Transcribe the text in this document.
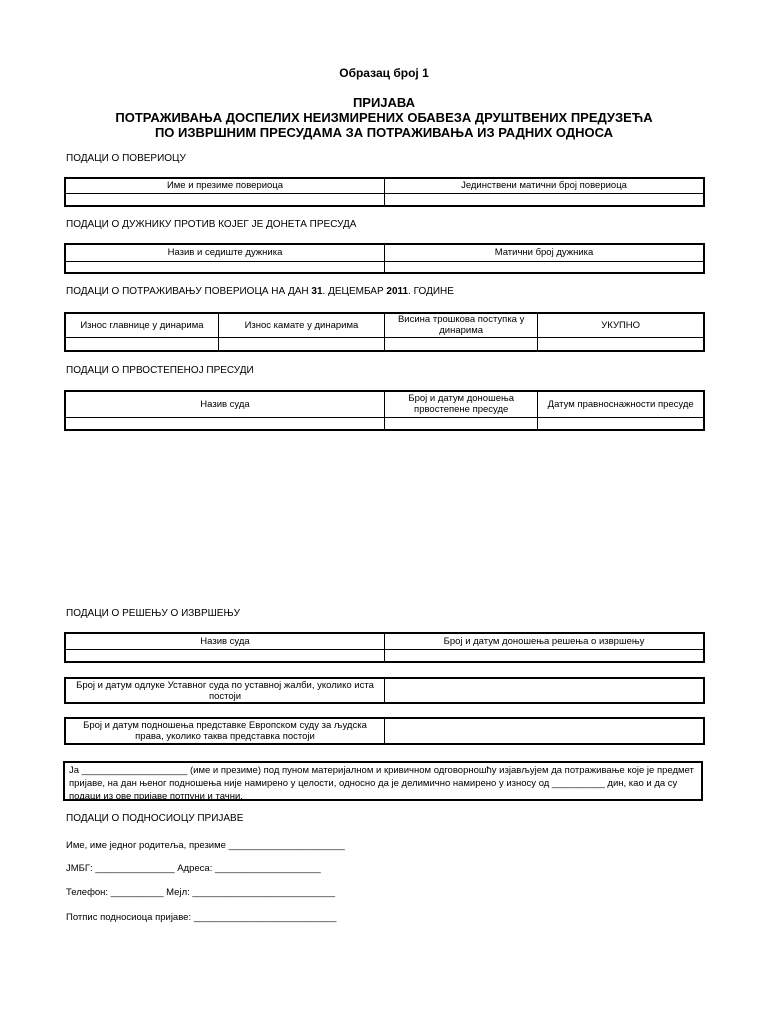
Образац број 1
ПРИЈАВА
ПОТРАЖИВАЊА ДОСПЕЛИХ НЕИЗМИРЕНИХ ОБАВЕЗА ДРУШТВЕНИХ ПРЕДУЗЕЋА
ПО ИЗВРШНИМ ПРЕСУДАМА ЗА ПОТРАЖИВАЊА ИЗ РАДНИХ ОДНОСА
ПОДАЦИ О ПОВЕРИОЦУ
Име и презиме повериоца	Јединствени матични број повериоца

ПОДАЦИ О ДУЖНИКУ ПРОТИВ КОЈЕГ ЈЕ ДОНЕТА ПРЕСУДА
Назив и седиште дужника	Матични број дужника

ПОДАЦИ О ПОТРАЖИВАЊУ ПОВЕРИОЦА НА ДАН 31. ДЕЦЕМБАР 2011. ГОДИНЕ
Износ главнице у динарима	Износ камате у динарима	Висина трошкова поступка у динарима	УКУПНО

ПОДАЦИ О ПРВОСТЕПЕНОЈ ПРЕСУДИ
Назив суда	Број и датум доношења првостепене пресуде	Датум правноснажности пресуде

ПОДАЦИ О РЕШЕЊУ О ИЗВРШЕЊУ
Назив суда	Број и датум доношења решења о извршењу

Број и датум одлуке Уставног суда по уставној жалби, уколико иста постоји	
Број и датум подношења представке Европском суду за људска права, уколико таква представка постоји	
Ја ____________________ (име и презиме) под пуном материјалном и кривичном одговорношћу изјављујем да потраживање које је предмет пријаве, на дан њеног подношења није намирено у целости, односно да је делимично намирено у износу од __________ дин, као и да су подаци из ове пријаве потпуни и тачни.
ПОДАЦИ О ПОДНОСИОЦУ ПРИЈАВЕ
Име, име једног родитеља, презиме ______________________
ЈМБГ: _______________ Адреса: ____________________
Телефон: __________ Мејл: ___________________________
Потпис подносиоца пријаве: ___________________________
